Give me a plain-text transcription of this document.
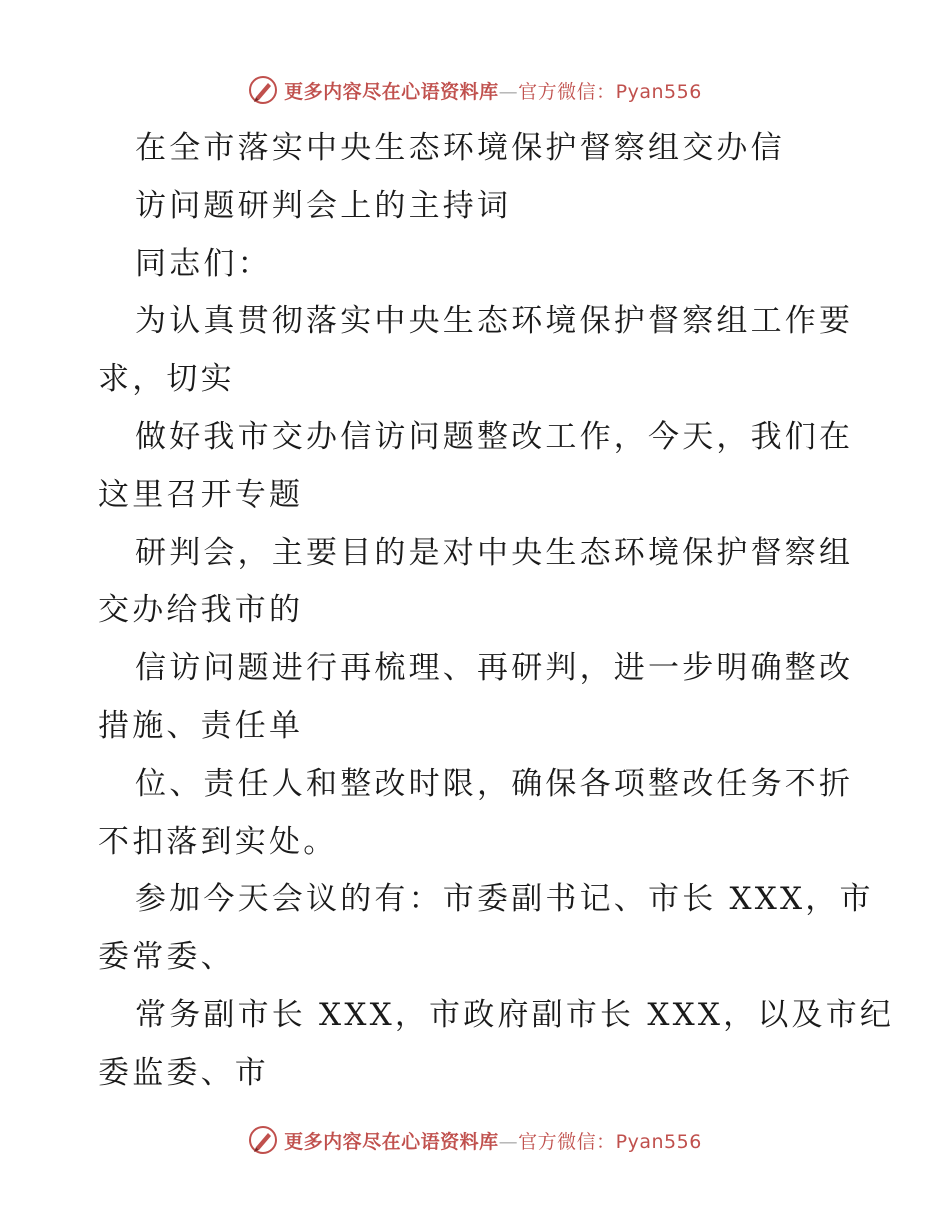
更多内容尽在心语资料库—官方微信：Pyan556
在全市落实中央生态环境保护督察组交办信
访问题研判会上的主持词
同志们：
为认真贯彻落实中央生态环境保护督察组工作要
求，切实
做好我市交办信访问题整改工作，今天，我们在
这里召开专题
研判会，主要目的是对中央生态环境保护督察组
交办给我市的
信访问题进行再梳理、再研判，进一步明确整改
措施、责任单
位、责任人和整改时限，确保各项整改任务不折
不扣落到实处。
参加今天会议的有：市委副书记、市长 XXX，市
委常委、
常务副市长 XXX，市政府副市长 XXX，以及市纪
委监委、市
更多内容尽在心语资料库—官方微信：Pyan556
